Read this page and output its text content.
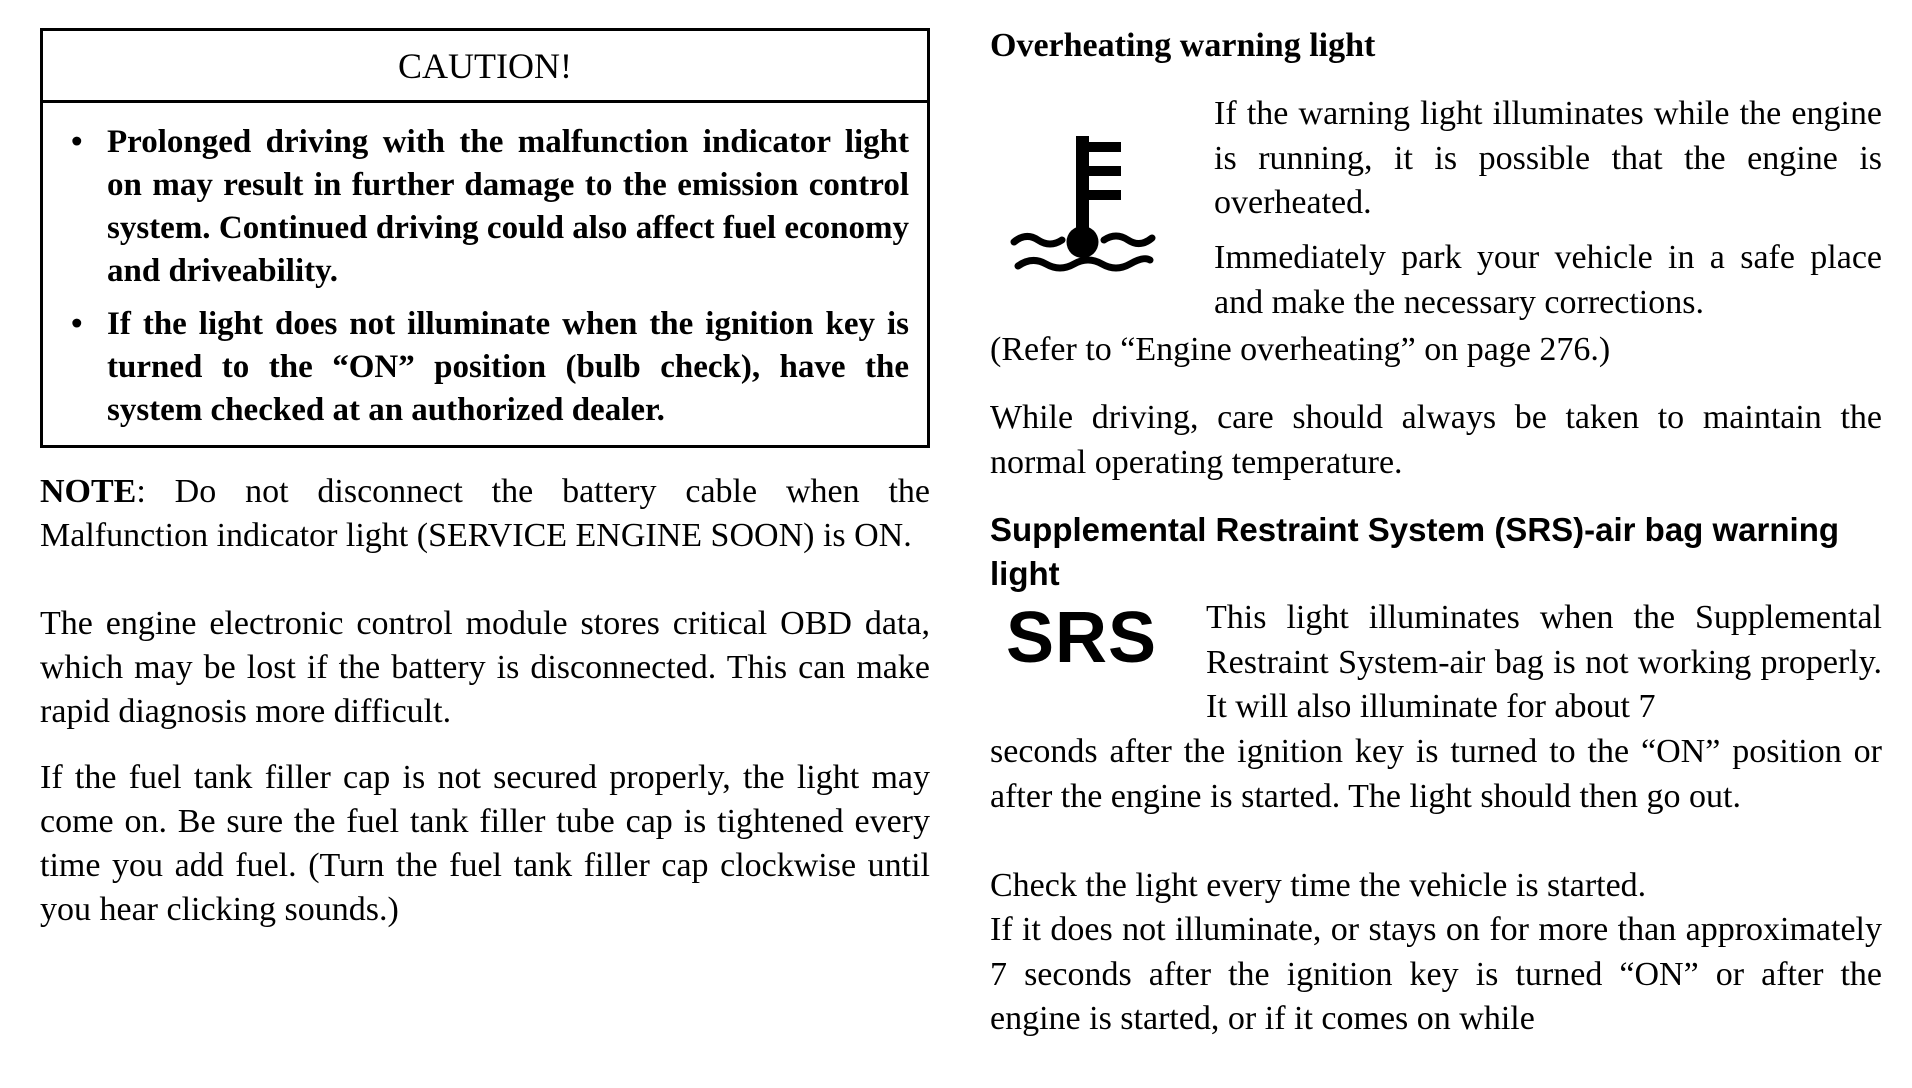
CAUTION!
• Prolonged driving with the malfunction indicator light on may result in further damage to the emission control system. Continued driving could also affect fuel economy and driveability.
• If the light does not illuminate when the ignition key is turned to the “ON” position (bulb check), have the system checked at an authorized dealer.

NOTE: Do not disconnect the battery cable when the Malfunction indicator light (SERVICE ENGINE SOON) is ON.

The engine electronic control module stores critical OBD data, which may be lost if the battery is disconnected. This can make rapid diagnosis more difficult.

If the fuel tank filler cap is not secured properly, the light may come on. Be sure the fuel tank filler tube cap is tightened every time you add fuel. (Turn the fuel tank filler cap clockwise until you hear clicking sounds.)

Overheating warning light

If the warning light illuminates while the engine is running, it is possible that the engine is overheated.

Immediately park your vehicle in a safe place and make the necessary corrections.

(Refer to “Engine overheating” on page 276.)

While driving, care should always be taken to maintain the normal operating temperature.

Supplemental Restraint System (SRS)-air bag warning light
SRS This light illuminates when the Supplemental Restraint System-air bag is not working properly. It will also illuminate for about 7

seconds after the ignition key is turned to the “ON” position or after the engine is started. The light should then go out.

Check the light every time the vehicle is started.

If it does not illuminate, or stays on for more than approximately 7 seconds after the ignition key is turned “ON” or after the engine is started, or if it comes on while
